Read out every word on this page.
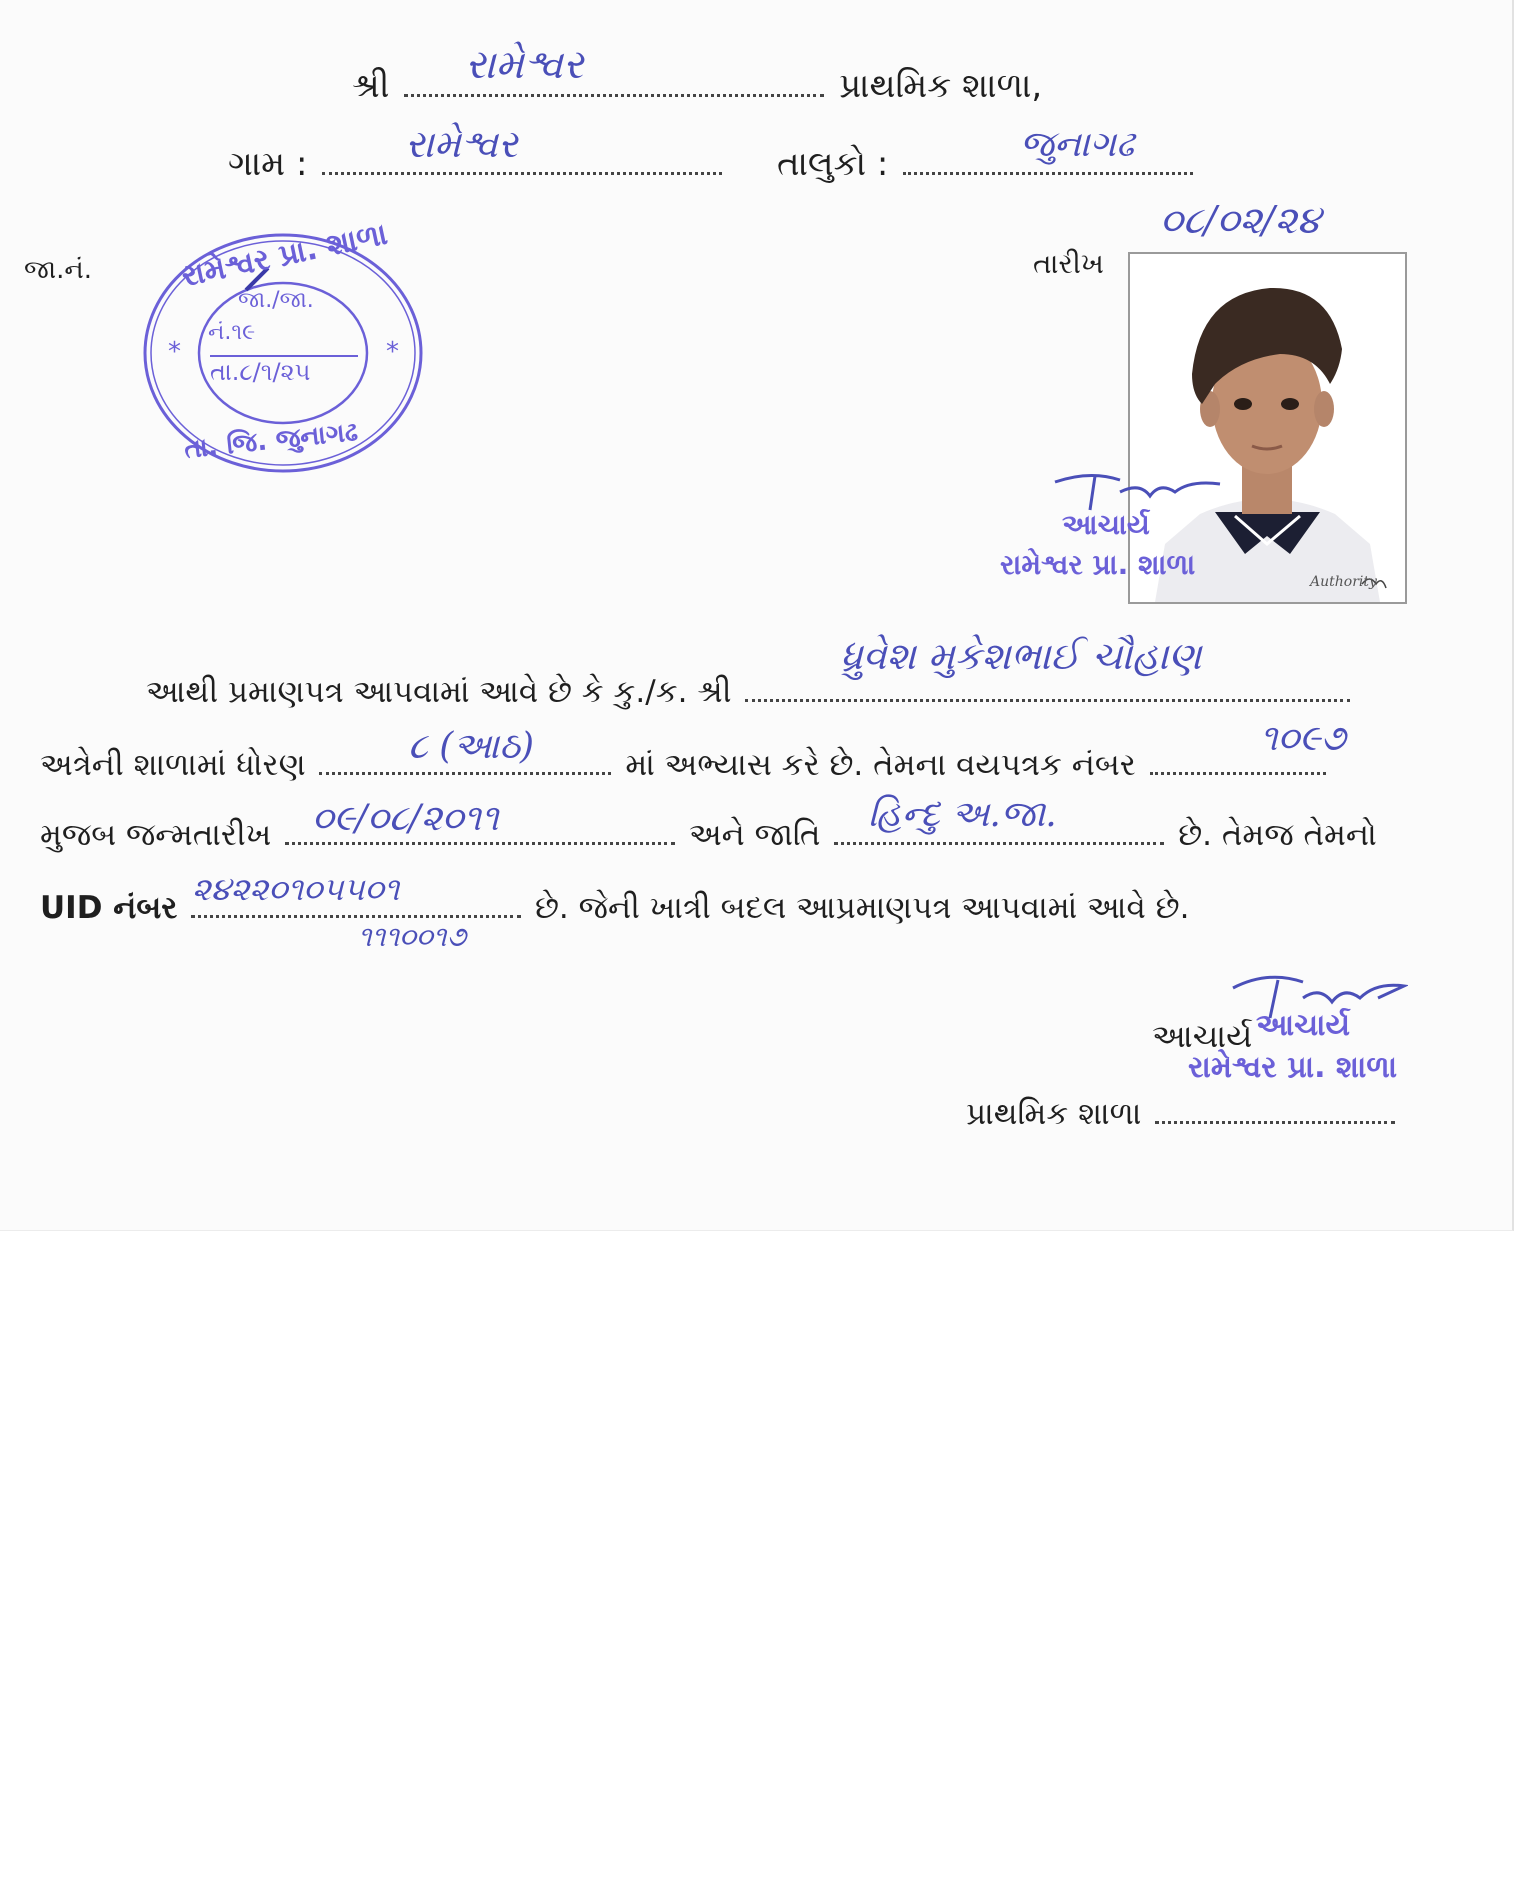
શ્રી	પ્રાથમિક શાળા,
રામેશ્વર
ગામ :	તાલુકો :
રામેશ્વર	જુનાગઢ
જા.નં.	તારીખ
૦૮/૦૨/૨૪
*	*
રામેશ્વર પ્રા. શાળા
તા. જિ. જુનાગઢ
જા./જા.
નં.૧૯
તા.૮/૧/૨૫
Authority
આચાર્ય
રામેશ્વર પ્રા. શાળા
આથી પ્રમાણપત્ર આપવામાં આવે છે કે કુ./ક. શ્રી
ધ્રુવેશ મુકેશભાઈ ચૌહાણ
અત્રેની શાળામાં ધોરણ	માં અભ્યાસ કરે છે. તેમના વયપત્રક નંબર
૮ (આઠ)	૧૦૯૭
મુજબ જન્મતારીખ	અને જાતિ	છે. તેમજ તેમનો
૦૯/૦૮/૨૦૧૧	હિન્દુ અ.જા.
UID નંબર	છે. જેની ખાત્રી બદલ આપ્રમાણપત્ર આપવામાં આવે છે.
૨૪૨૨૦૧૦૫૫૦૧
૧૧૧૦૦૧૭
આચાર્ય આચાર્ય
રામેશ્વર પ્રા. શાળા
પ્રાથમિક શાળા
